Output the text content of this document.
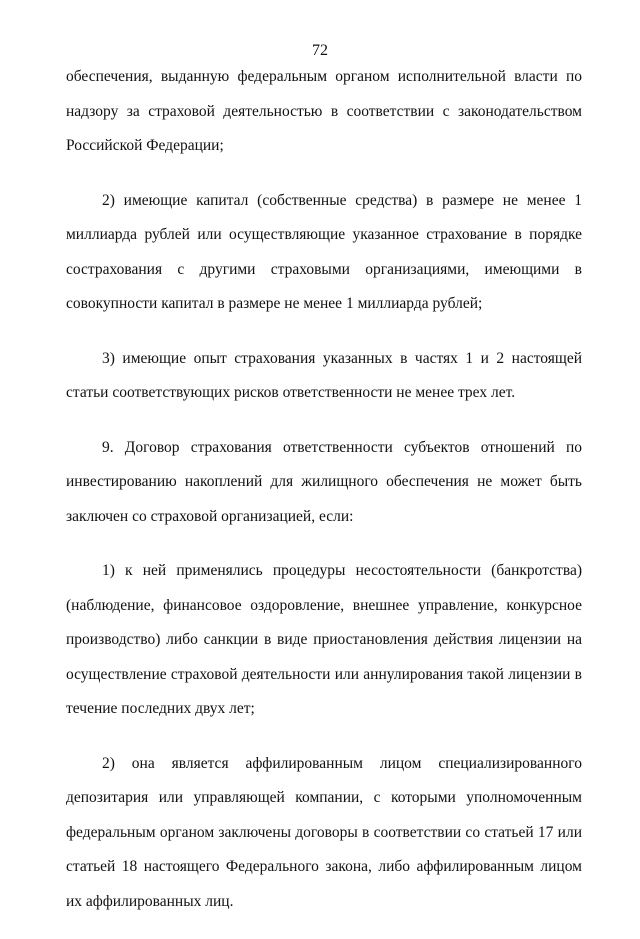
72

обеспечения, выданную федеральным органом исполнительной власти по надзору за страховой деятельностью в соответствии с законодательством Российской Федерации;

2) имеющие капитал (собственные средства) в размере не менее 1 миллиарда рублей или осуществляющие указанное страхование в порядке сострахования с другими страховыми организациями, имеющими в совокупности капитал в размере не менее 1 миллиарда рублей;

3) имеющие опыт страхования указанных в частях 1 и 2 настоящей статьи соответствующих рисков ответственности не менее трех лет.

9. Договор страхования ответственности субъектов отношений по инвестированию накоплений для жилищного обеспечения не может быть заключен со страховой организацией, если:

1) к ней применялись процедуры несостоятельности (банкротства) (наблюдение, финансовое оздоровление, внешнее управление, конкурсное производство) либо санкции в виде приостановления действия лицензии на осуществление страховой деятельности или аннулирования такой лицензии в течение последних двух лет;

2) она является аффилированным лицом специализированного депозитария или управляющей компании, с которыми уполномоченным федеральным органом заключены договоры в соответствии со статьей 17 или статьей 18 настоящего Федерального закона, либо аффилированным лицом их аффилированных лиц.
